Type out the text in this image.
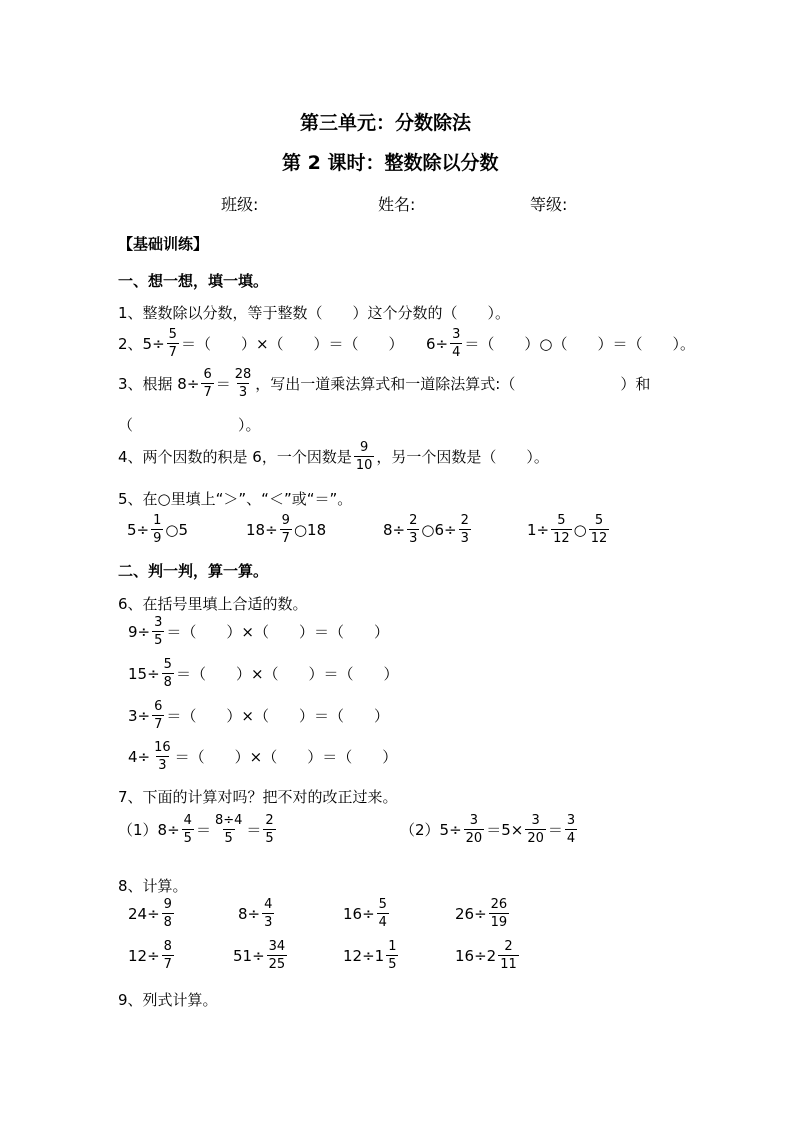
第三单元：分数除法
第 2 课时：整数除以分数
班级:	姓名:	等级:
【基础训练】
一、想一想，填一填。
1、整数除以分数，等于整数（　　）这个分数的（　　）。
2、$5\div \frac{5}{7}$ ＝（　　）×（　　）＝（　　）　　$6\div \frac{3}{4}$ ＝（　　）○（　　）＝（　　）。
3、根据 $8\div \frac{6}{7} = \frac{28}{3}$ ，写出一道乘法算式和一道除法算式:（　　　　　　　）和
（　　　　　　　）。
4、两个因数的积是 6，一个因数是 $\frac{9}{10}$ ，另一个因数是（　　）。
5、在○里填上“＞”、“＜”或“＝”。
$5\div \frac{1}{9}$ ○5	$18\div \frac{9}{7}$ ○18	$8\div \frac{2}{3}$ ○6÷ $\frac{2}{3}$	$1\div \frac{5}{12}$ ○ $\frac{5}{12}$
二、判一判，算一算。
6、在括号里填上合适的数。
$9\div \frac{3}{5}$ ＝（　　）×（　　）＝（　　）
$15\div \frac{5}{8}$ ＝（　　）×（　　）＝（　　）
$3\div \frac{6}{7}$ ＝（　　）×（　　）＝（　　）
$4\div \frac{16}{3}$ ＝（　　）×（　　）＝（　　）
7、下面的计算对吗？把不对的改正过来。
$(1)8\div \frac{4}{5} = \frac{8\div 4}{5} = \frac{2}{5}$	$(2)5\div \frac{3}{20} =5\times \frac{3}{20} = \frac{3}{4}$
8、计算。
$24\div \frac{9}{8}$	$8\div \frac{4}{3}$	$16\div \frac{5}{4}$	$26\div \frac{26}{19}$
$12\div \frac{8}{7}$	$51\div \frac{34}{25}$	$12\div 1 \frac{1}{5}$	$16\div 2 \frac{2}{11}$
9、列式计算。
